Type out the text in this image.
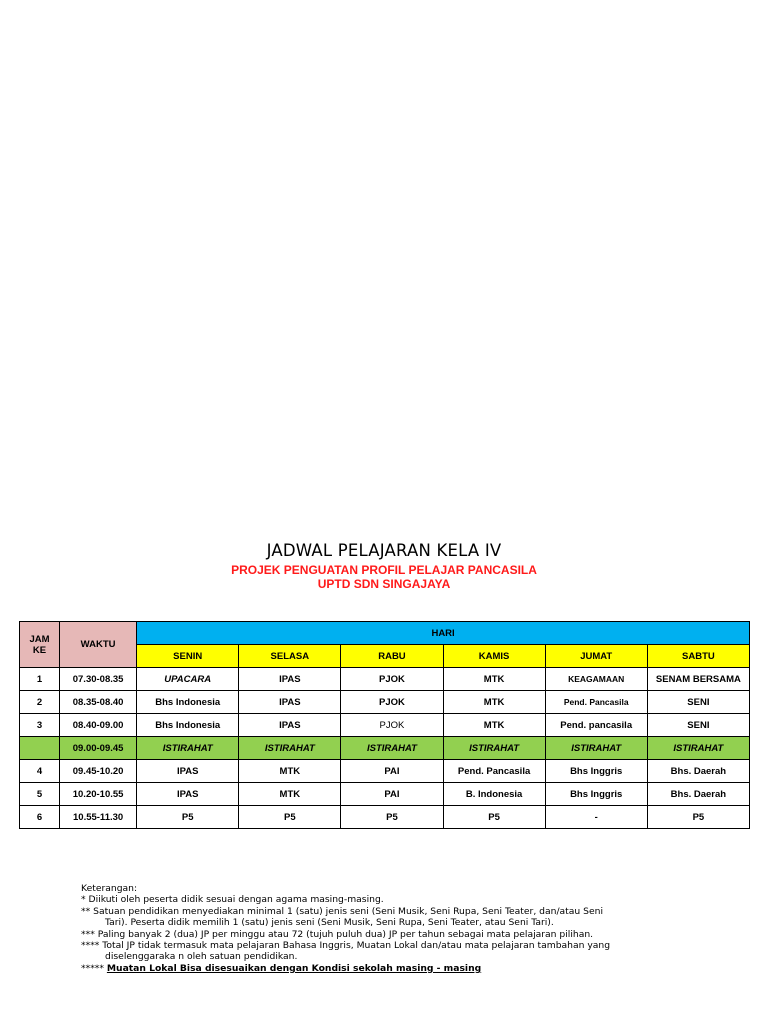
JADWAL PELAJARAN KELA IV
PROJEK PENGUATAN PROFIL PELAJAR PANCASILA
UPTD SDN SINGAJAYA
JAM KE	WAKTU	HARI					
		SENIN	SELASA	RABU	KAMIS	JUMAT	SABTU
1	07.30-08.35	UPACARA	IPAS	PJOK	MTK	KEAGAMAAN	SENAM BERSAMA
2	08.35-08.40	Bhs Indonesia	IPAS	PJOK	MTK	Pend. Pancasila	SENI
3	08.40-09.00	Bhs Indonesia	IPAS	PJOK	MTK	Pend. pancasila	SENI
	09.00-09.45	ISTIRAHAT	ISTIRAHAT	ISTIRAHAT	ISTIRAHAT	ISTIRAHAT	ISTIRAHAT
4	09.45-10.20	IPAS	MTK	PAI	Pend. Pancasila	Bhs Inggris	Bhs. Daerah
5	10.20-10.55	IPAS	MTK	PAI	B. Indonesia	Bhs Inggris	Bhs. Daerah
6	10.55-11.30	P5	P5	P5	P5	-	P5
Keterangan:
* Diikuti oleh peserta didik sesuai dengan agama masing-masing.
** Satuan pendidikan menyediakan minimal 1 (satu) jenis seni (Seni Musik, Seni Rupa, Seni Teater, dan/atau Seni
Tari). Peserta didik memilih 1 (satu) jenis seni (Seni Musik, Seni Rupa, Seni Teater, atau Seni Tari).
*** Paling banyak 2 (dua) JP per minggu atau 72 (tujuh puluh dua) JP per tahun sebagai mata pelajaran pilihan.
**** Total JP tidak termasuk mata pelajaran Bahasa Inggris, Muatan Lokal dan/atau mata pelajaran tambahan yang
diselenggaraka n oleh satuan pendidikan.
***** Muatan Lokal Bisa disesuaikan dengan Kondisi sekolah masing - masing
